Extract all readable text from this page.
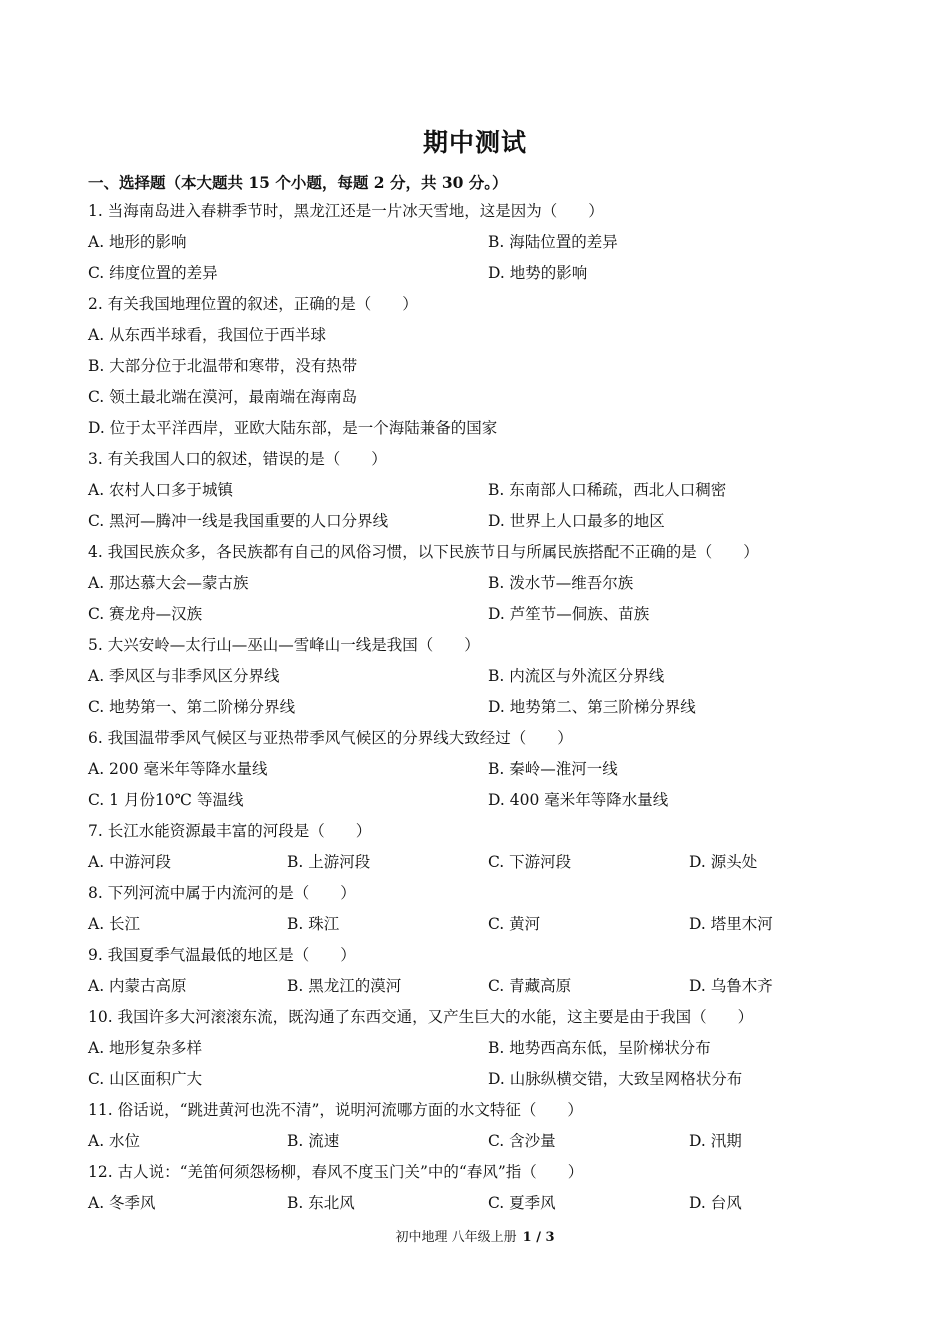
期中测试
一、选择题（本大题共 15 个小题，每题 2 分，共 30 分。）
1. 当海南岛进入春耕季节时，黑龙江还是一片冰天雪地，这是因为（　　）
A. 地形的影响	B. 海陆位置的差异
C. 纬度位置的差异	D. 地势的影响
2. 有关我国地理位置的叙述，正确的是（　　）
A. 从东西半球看，我国位于西半球
B. 大部分位于北温带和寒带，没有热带
C. 领土最北端在漠河，最南端在海南岛
D. 位于太平洋西岸，亚欧大陆东部，是一个海陆兼备的国家
3. 有关我国人口的叙述，错误的是（　　）
A. 农村人口多于城镇	B. 东南部人口稀疏，西北人口稠密
C. 黑河—腾冲一线是我国重要的人口分界线	D. 世界上人口最多的地区
4. 我国民族众多，各民族都有自己的风俗习惯，以下民族节日与所属民族搭配不正确的是（　　）
A. 那达慕大会—蒙古族	B. 泼水节—维吾尔族
C. 赛龙舟—汉族	D. 芦笙节—侗族、苗族
5. 大兴安岭—太行山—巫山—雪峰山一线是我国（　　）
A. 季风区与非季风区分界线	B. 内流区与外流区分界线
C. 地势第一、第二阶梯分界线	D. 地势第二、第三阶梯分界线
6. 我国温带季风气候区与亚热带季风气候区的分界线大致经过（　　）
A. 200 毫米年等降水量线	B. 秦岭—淮河一线
C. 1 月份10℃ 等温线	D. 400 毫米年等降水量线
7. 长江水能资源最丰富的河段是（　　）
A. 中游河段	B. 上游河段	C. 下游河段	D. 源头处
8. 下列河流中属于内流河的是（　　）
A. 长江	B. 珠江	C. 黄河	D. 塔里木河
9. 我国夏季气温最低的地区是（　　）
A. 内蒙古高原	B. 黑龙江的漠河	C. 青藏高原	D. 乌鲁木齐
10. 我国许多大河滚滚东流，既沟通了东西交通，又产生巨大的水能，这主要是由于我国（　　）
A. 地形复杂多样	B. 地势西高东低，呈阶梯状分布
C. 山区面积广大	D. 山脉纵横交错，大致呈网格状分布
11. 俗话说，“跳进黄河也洗不清”，说明河流哪方面的水文特征（　　）
A. 水位	B. 流速	C. 含沙量	D. 汛期
12. 古人说：“羌笛何须怨杨柳，春风不度玉门关”中的“春风”指（　　）
A. 冬季风	B. 东北风	C. 夏季风	D. 台风
初中地理 八年级上册 1 / 3
